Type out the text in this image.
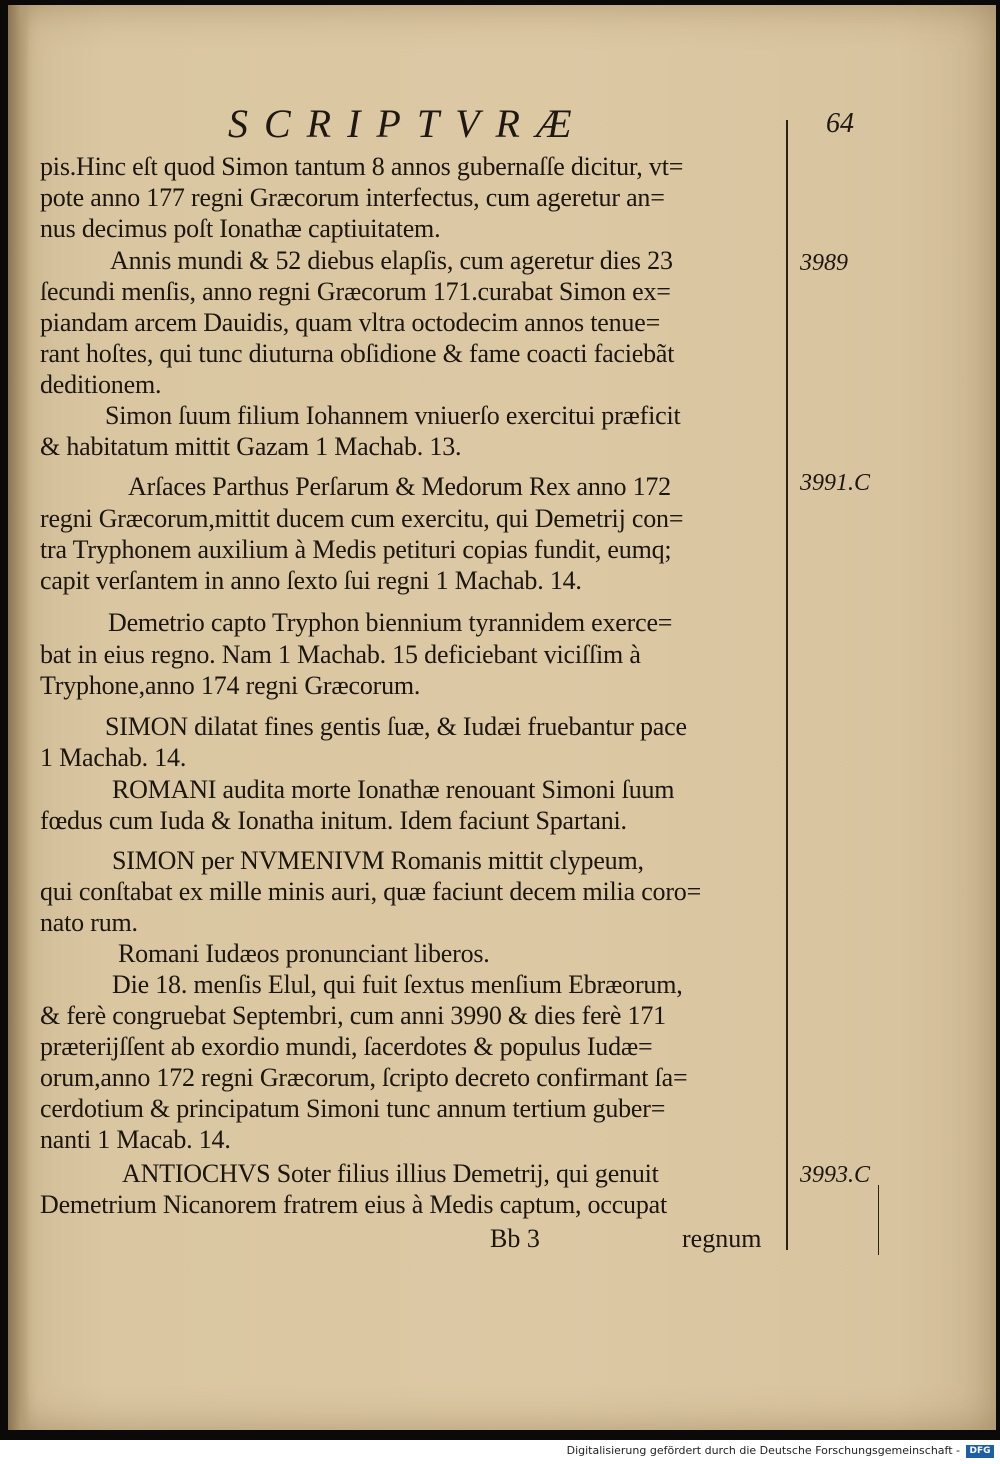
SCRIPTVRÆ	64
pis.Hinc eſt quod Simon tantum 8 annos gubernaſſe dicitur, vt=
pote anno 177 regni Græcorum interfectus, cum ageretur an=
nus decimus poſt Ionathæ captiuitatem.
Annis mundi & 52 diebus elapſis, cum ageretur dies 23
ſecundi menſis, anno regni Græcorum 171.curabat Simon ex=
piandam arcem Dauidis, quam vltra octodecim annos tenue=
rant hoſtes, qui tunc diuturna obſidione & fame coacti faciebãt
deditionem.
Simon ſuum filium Iohannem vniuerſo exercitui præficit
& habitatum mittit Gazam 1 Machab. 13.
Arſaces Parthus Perſarum & Medorum Rex anno 172
regni Græcorum,mittit ducem cum exercitu, qui Demetrij con=
tra Tryphonem auxilium à Medis petituri copias fundit, eumq;
capit verſantem in anno ſexto ſui regni 1 Machab. 14.
Demetrio capto Tryphon biennium tyrannidem exerce=
bat in eius regno. Nam 1 Machab. 15 deficiebant viciſſim à
Tryphone,anno 174 regni Græcorum.
SIMON dilatat fines gentis ſuæ, & Iudæi fruebantur pace
1 Machab. 14.
ROMANI audita morte Ionathæ renouant Simoni ſuum
fœdus cum Iuda & Ionatha initum. Idem faciunt Spartani.
SIMON per NVMENIVM Romanis mittit clypeum,
qui conſtabat ex mille minis auri, quæ faciunt decem milia coro=
nato rum.
Romani Iudæos pronunciant liberos.
Die 18. menſis Elul, qui fuit ſextus menſium Ebræorum,
& ferè congruebat Septembri, cum anni 3990 & dies ferè 171
præterijſſent ab exordio mundi, ſacerdotes & populus Iudæ=
orum,anno 172 regni Græcorum, ſcripto decreto confirmant ſa=
cerdotium & principatum Simoni tunc annum tertium guber=
nanti 1 Macab. 14.
ANTIOCHVS Soter filius illius Demetrij, qui genuit
Demetrium Nicanorem fratrem eius à Medis captum, occupat
3989
3991.C
3993.C
Bb 3	regnum
Digitalisierung gefördert durch die Deutsche Forschungsgemeinschaft -	DFG
